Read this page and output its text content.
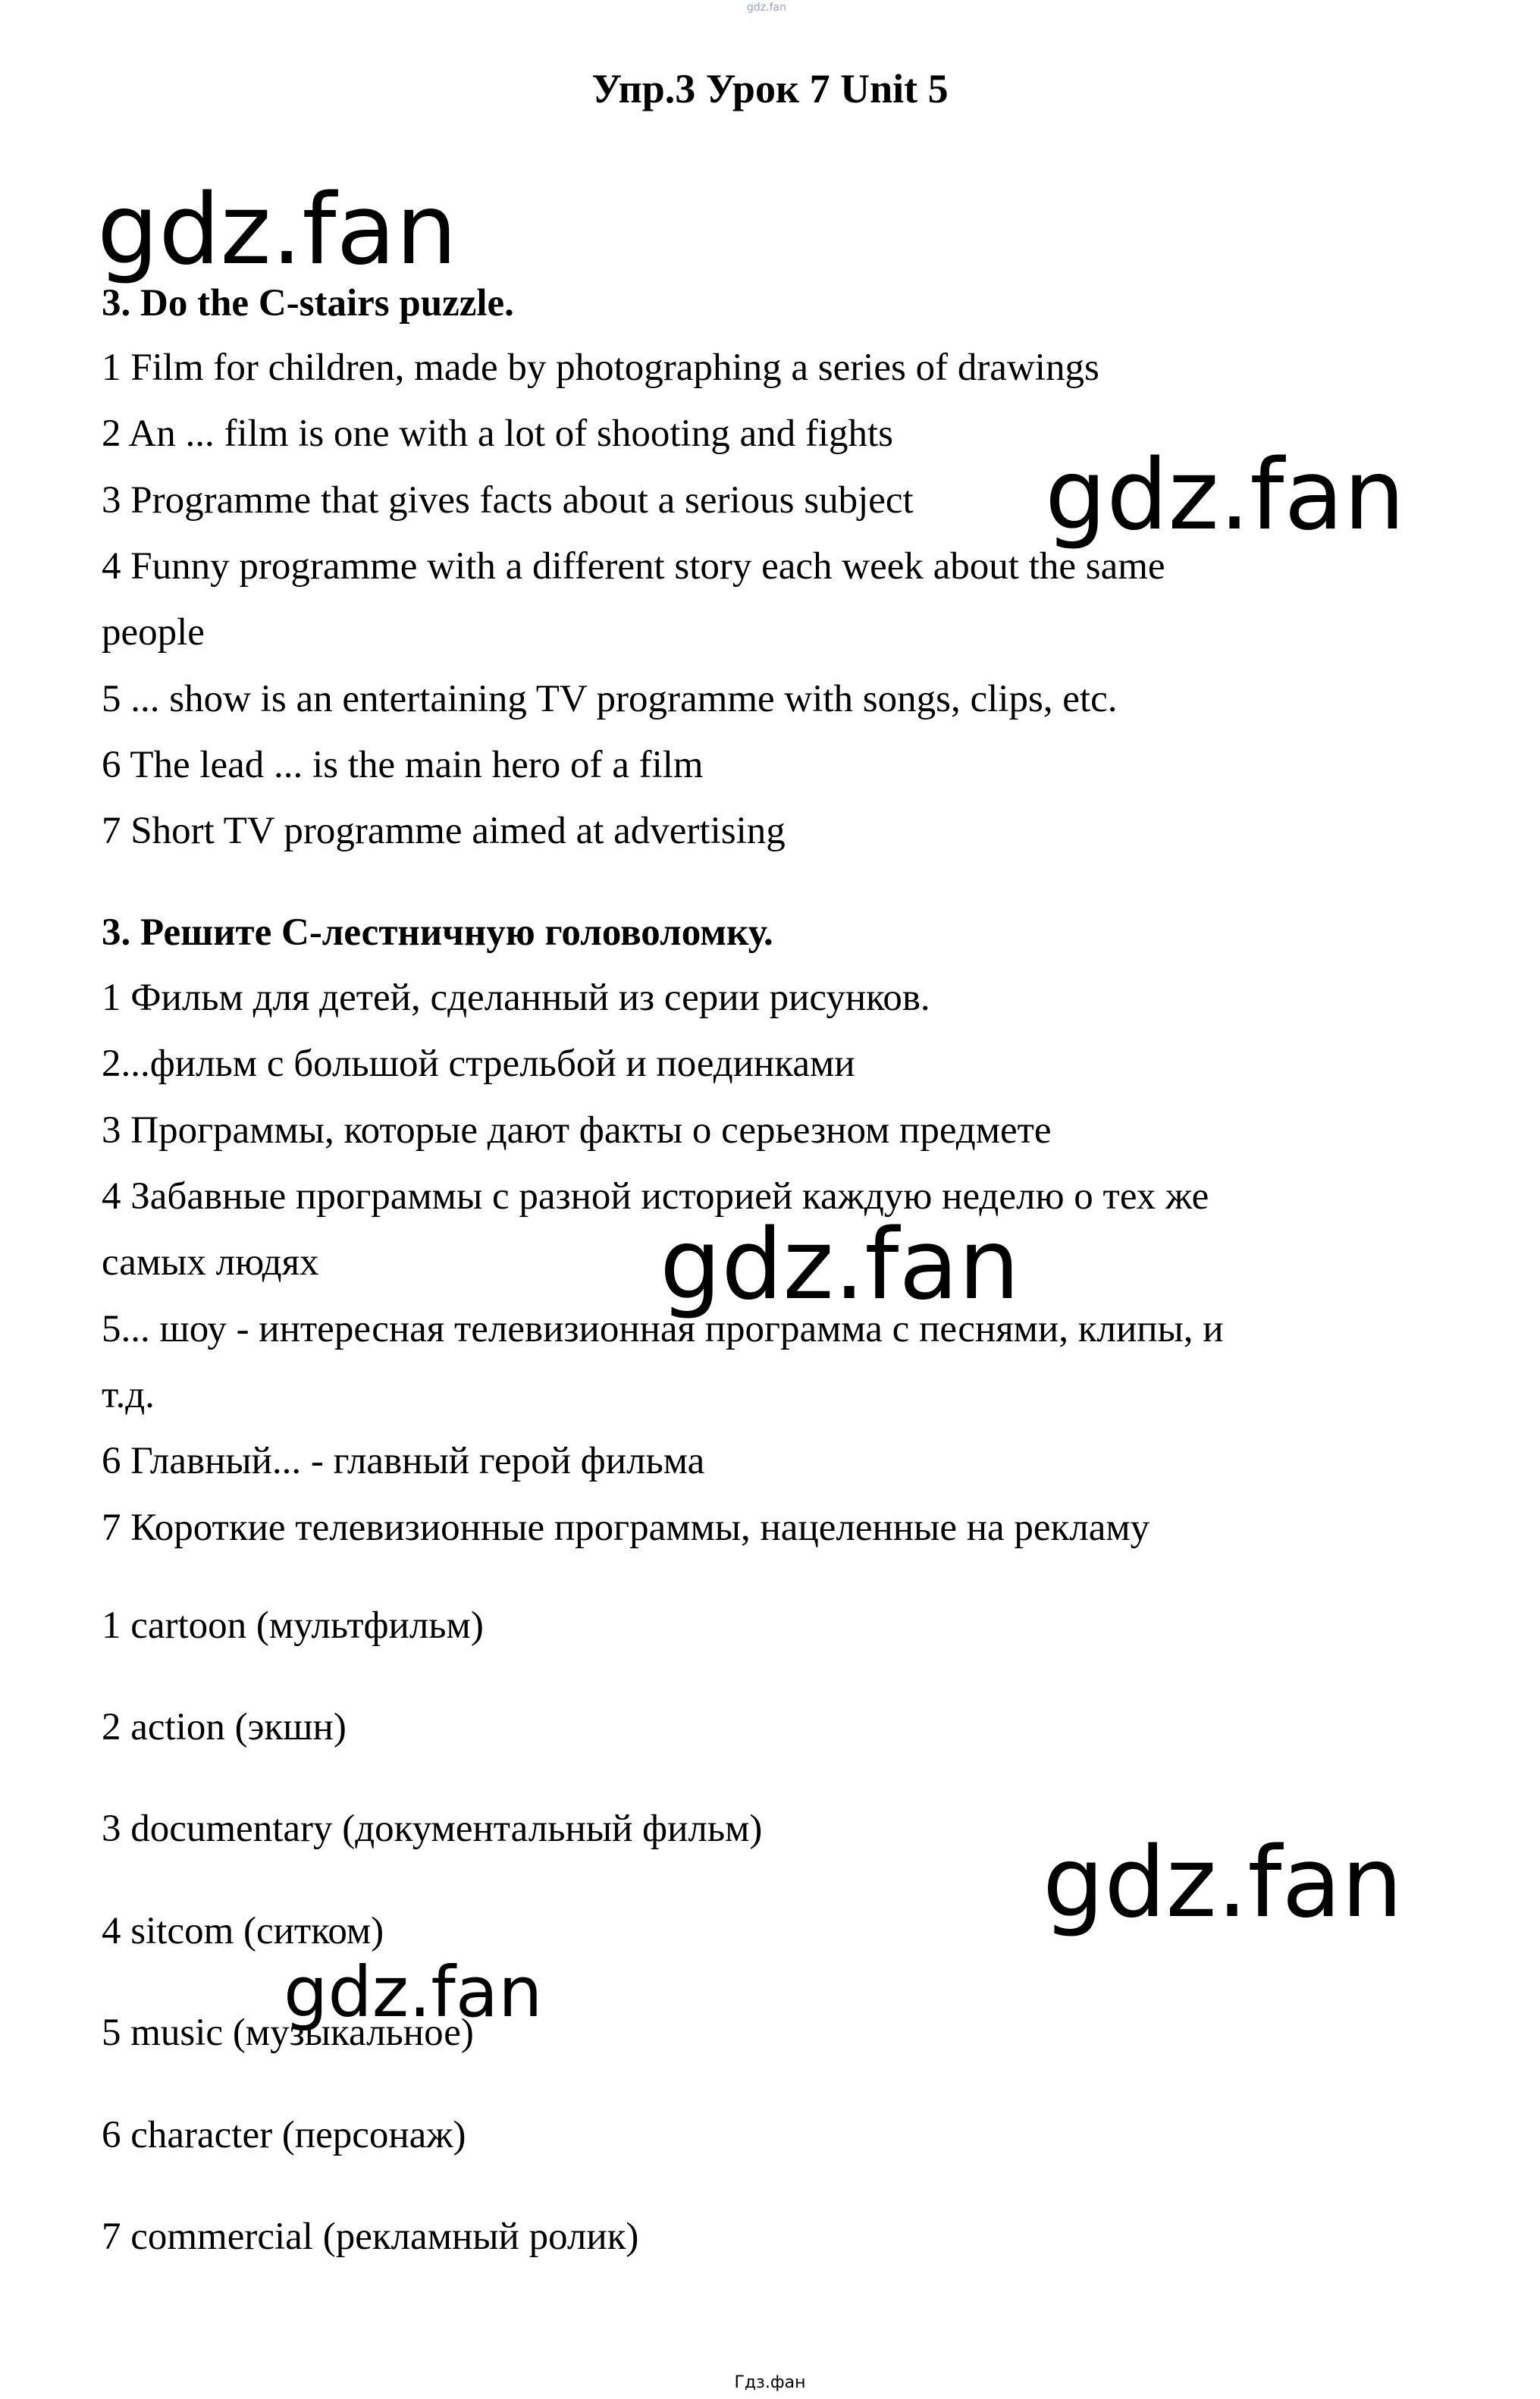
gdz.fan
Упр.3 Урок 7 Unit 5
gdz.fan
gdz.fan
gdz.fan
gdz.fan
gdz.fan
3. Do the C-stairs puzzle.
1 Film for children, made by photographing a series of drawings
2 An ... film is one with a lot of shooting and fights
3 Programme that gives facts about a serious subject
4 Funny programme with a different story each week about the same
people
5 ... show is an entertaining TV programme with songs, clips, etc.
6 The lead ... is the main hero of a film
7 Short TV programme aimed at advertising
3. Решите С-лестничную головоломку.
1 Фильм для детей, сделанный из серии рисунков.
2...фильм с большой стрельбой и поединками
3 Программы, которые дают факты о серьезном предмете
4 Забавные программы с разной историей каждую неделю о тех же
самых людях
5... шоу - интересная телевизионная программа с песнями, клипы, и
т.д.
6 Главный... - главный герой фильма
7 Короткие телевизионные программы, нацеленные на рекламу
1 cartoon (мультфильм)
2 action (экшн)
3 documentary (документальный фильм)
4 sitcom (ситком)
5 music (музыкальное)
6 character (персонаж)
7 commercial (рекламный ролик)
Гдз.фан
